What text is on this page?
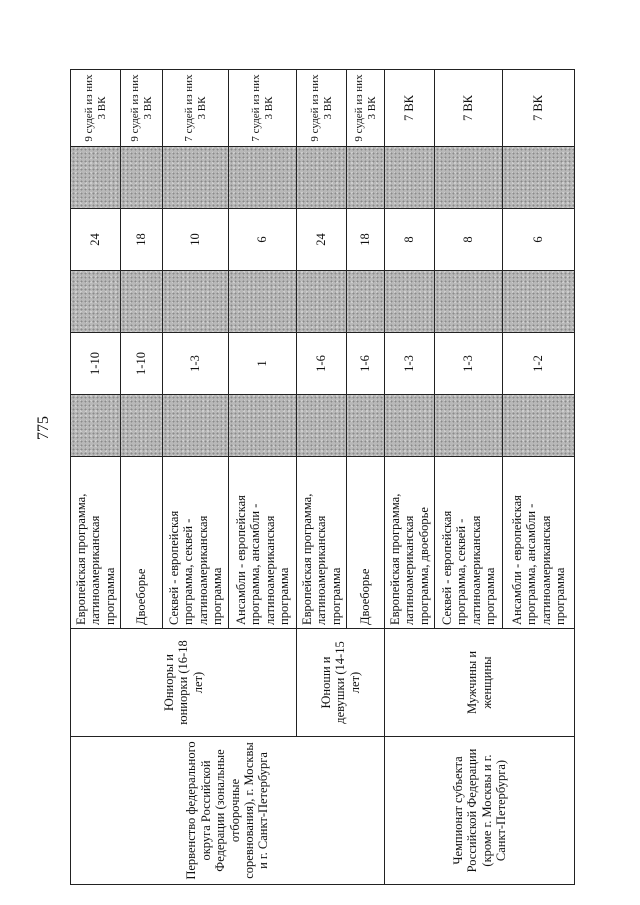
775
Первенство федерального округа Российской Федерации (зональные отборочные соревнования), г. Москвы и г. Санкт-Петербурга	Юниоры и юниорки (16-18 лет)	Европейская программа, латиноамериканская программа		1-10		24		9 судей из них 3 ВК
		Двоеборье		1-10		18		9 судей из них 3 ВК
		Секвей - европейская программа, секвей - латиноамериканская программа		1-3		10		7 судей из них 3 ВК
		Ансамбли - европейская программа, ансамбли - латиноамериканская программа		1		6		7 судей из них 3 ВК
	Юноши и девушки (14-15 лет)	Европейская программа, латиноамериканская программа		1-6		24		9 судей из них 3 ВК
		Двоеборье		1-6		18		9 судей из них 3 ВК
Чемпионат субъекта Российской Федерации (кроме г. Москвы и г. Санкт-Петербурга)	Мужчины и женщины	Европейская программа, латиноамериканская программа, двоеборье		1-3		8		7 ВК
		Секвей - европейская программа, секвей - латиноамериканская программа		1-3		8		7 ВК
		Ансамбли - европейская программа, ансамбли - латиноамериканская программа		1-2		6		7 ВК
